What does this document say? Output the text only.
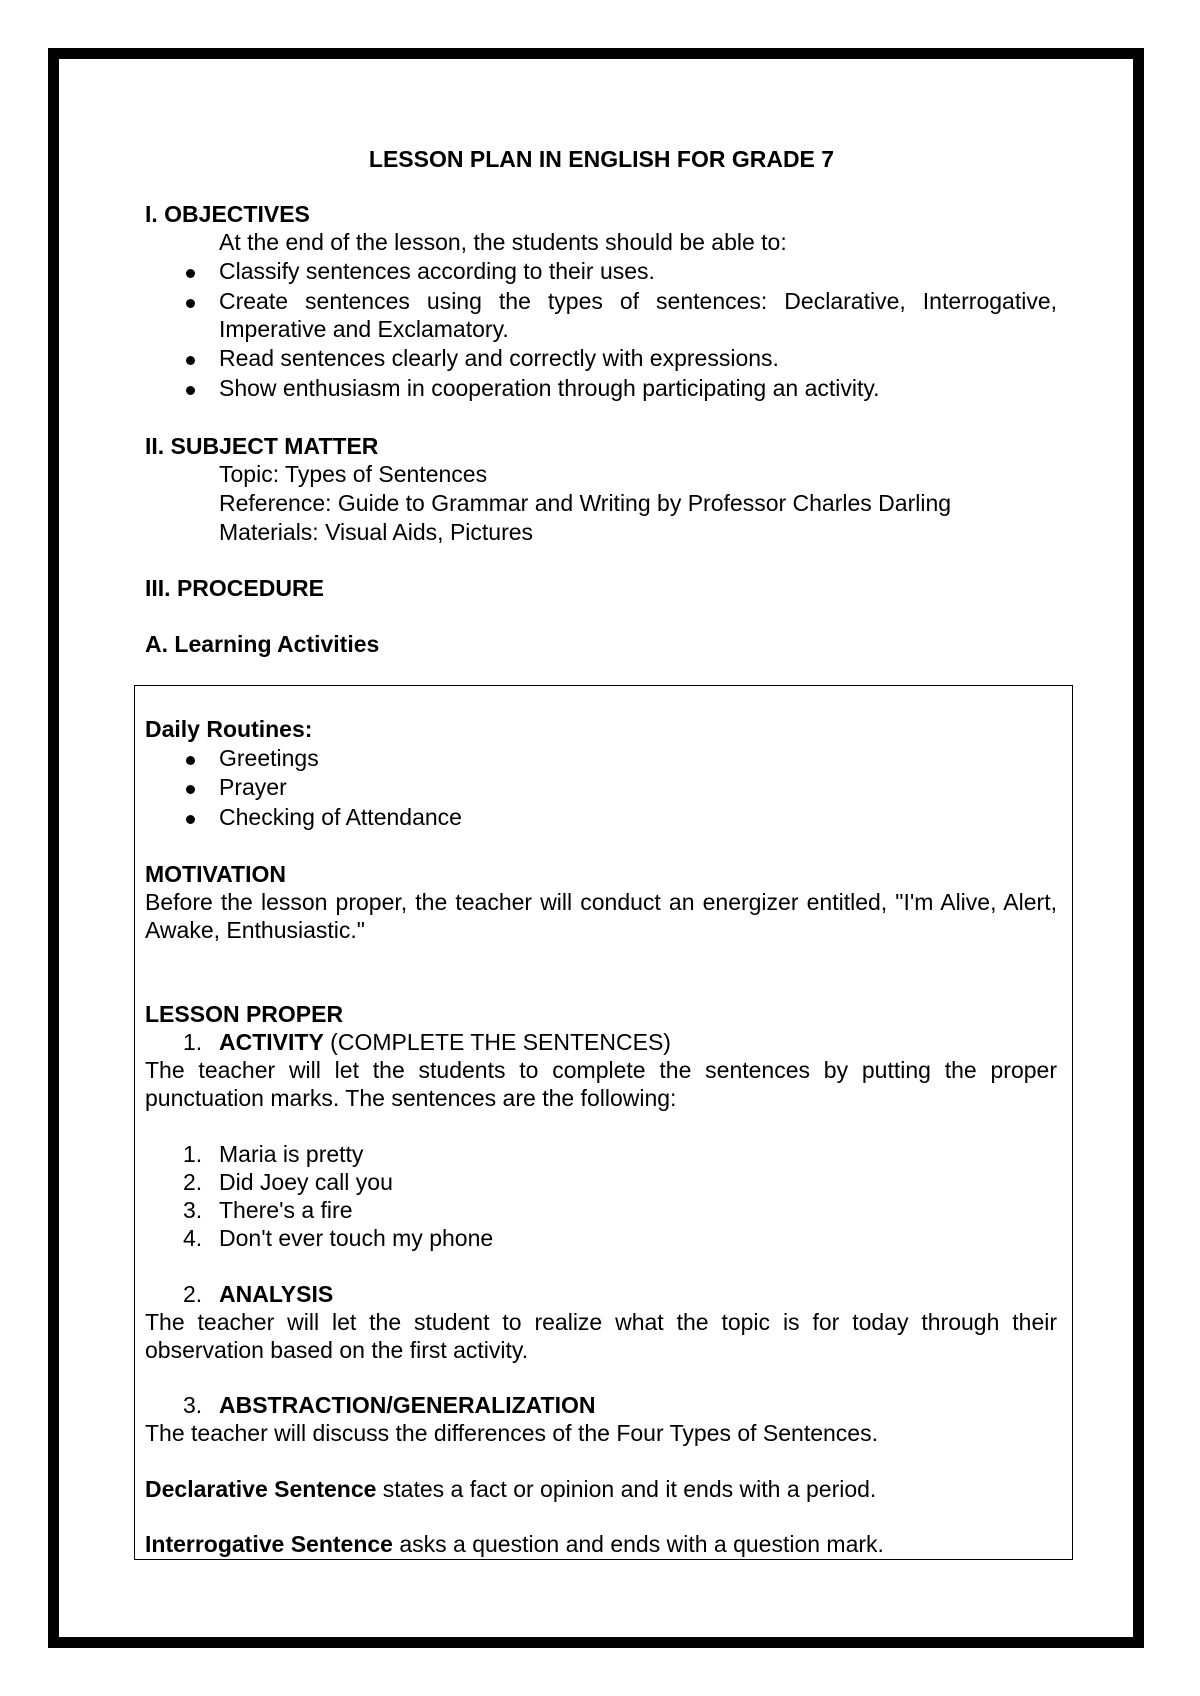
LESSON PLAN IN ENGLISH FOR GRADE 7
I. OBJECTIVES
At the end of the lesson, the students should be able to:
Classify sentences according to their uses.
Create sentences using the types of sentences: Declarative, Interrogative, Imperative and Exclamatory.
Read sentences clearly and correctly with expressions.
Show enthusiasm in cooperation through participating an activity.
II. SUBJECT MATTER
Topic: Types of Sentences
Reference: Guide to Grammar and Writing by Professor Charles Darling
Materials: Visual Aids, Pictures
III. PROCEDURE
A. Learning Activities
Daily Routines:
Greetings
Prayer
Checking of Attendance
MOTIVATION
Before the lesson proper, the teacher will conduct an energizer entitled, "I'm Alive, Alert, Awake, Enthusiastic."
LESSON PROPER
1. ACTIVITY (COMPLETE THE SENTENCES)
The teacher will let the students to complete the sentences by putting the proper punctuation marks. The sentences are the following:
1. Maria is pretty
2. Did Joey call you
3. There's a fire
4. Don't ever touch my phone
2. ANALYSIS
The teacher will let the student to realize what the topic is for today through their observation based on the first activity.
3. ABSTRACTION/GENERALIZATION
The teacher will discuss the differences of the Four Types of Sentences.
Declarative Sentence states a fact or opinion and it ends with a period.
Interrogative Sentence asks a question and ends with a question mark.
